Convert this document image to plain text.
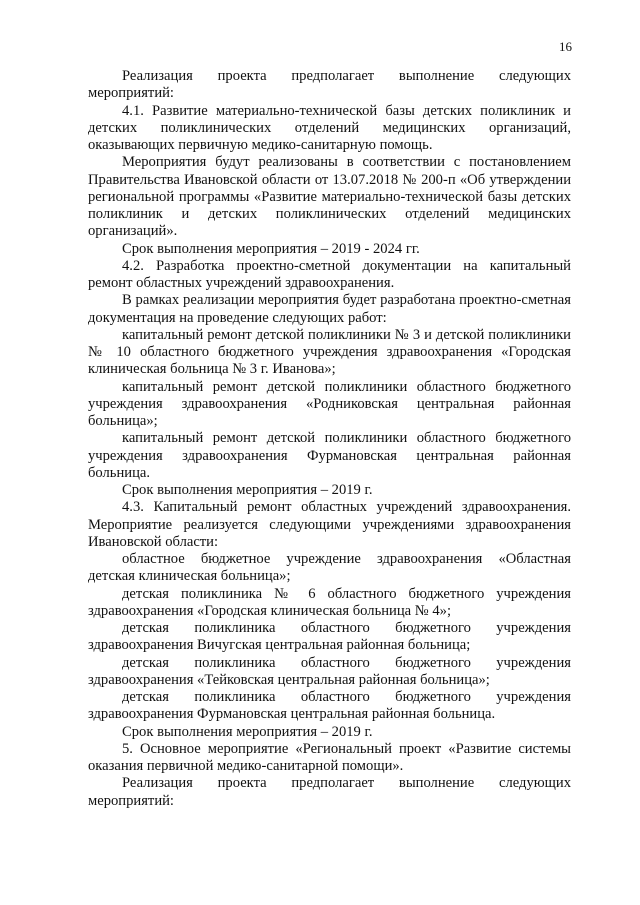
16

Реализация проекта предполагает выполнение следующих мероприятий:

4.1. Развитие материально-технической базы детских поликлиник и детских поликлинических отделений медицинских организаций, оказывающих первичную медико-санитарную помощь.

Мероприятия будут реализованы в соответствии с постановлением Правительства Ивановской области от 13.07.2018 № 200-п «Об утверждении региональной программы «Развитие материально-технической базы детских поликлиник и детских поликлинических отделений медицинских организаций».

Срок выполнения мероприятия – 2019 - 2024 гг.

4.2. Разработка проектно-сметной документации на капитальный ремонт областных учреждений здравоохранения.

В рамках реализации мероприятия будет разработана проектно-сметная документация на проведение следующих работ:

капитальный ремонт детской поликлиники № 3 и детской поликлиники № 10 областного бюджетного учреждения здравоохранения «Городская клиническая больница № 3 г. Иванова»;

капитальный ремонт детской поликлиники областного бюджетного учреждения здравоохранения «Родниковская центральная районная больница»;

капитальный ремонт детской поликлиники областного бюджетного учреждения здравоохранения Фурмановская центральная районная больница.

Срок выполнения мероприятия – 2019 г.

4.3. Капитальный ремонт областных учреждений здравоохранения. Мероприятие реализуется следующими учреждениями здравоохранения Ивановской области:

областное бюджетное учреждение здравоохранения «Областная детская клиническая больница»;

детская поликлиника № 6 областного бюджетного учреждения здравоохранения «Городская клиническая больница № 4»;

детская поликлиника областного бюджетного учреждения здравоохранения Вичугская центральная районная больница;

детская поликлиника областного бюджетного учреждения здравоохранения «Тейковская центральная районная больница»;

детская поликлиника областного бюджетного учреждения здравоохранения Фурмановская центральная районная больница.

Срок выполнения мероприятия – 2019 г.

5. Основное мероприятие «Региональный проект «Развитие системы оказания первичной медико-санитарной помощи».

Реализация проекта предполагает выполнение следующих мероприятий:
